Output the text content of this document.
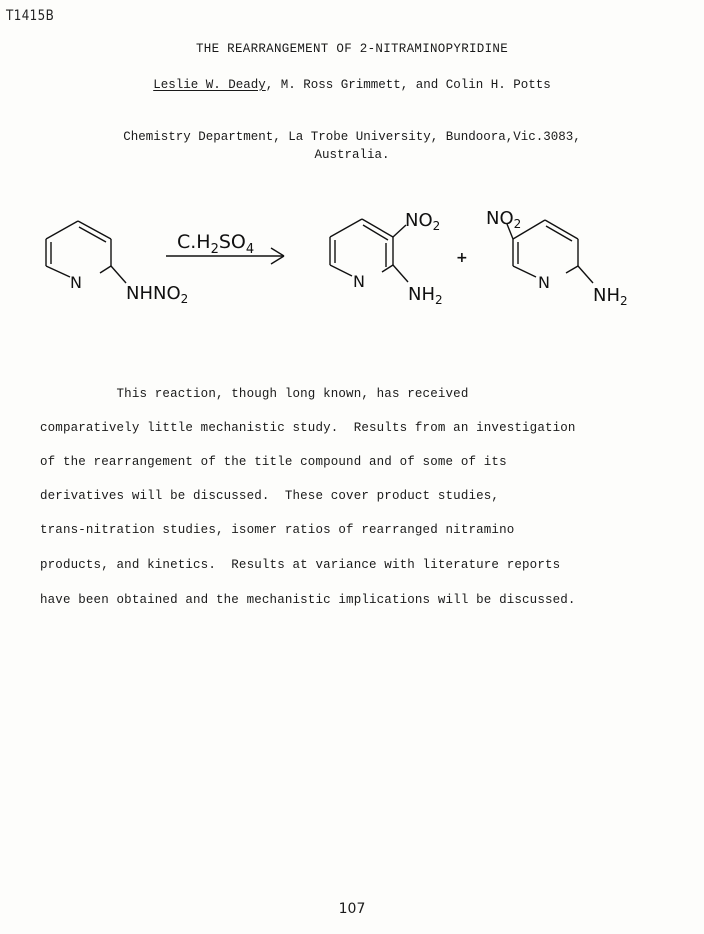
T1415B
THE REARRANGEMENT OF 2-NITRAMINOPYRIDINE
Leslie W. Deady, M. Ross Grimmett, and Colin H. Potts
Chemistry Department, La Trobe University, Bundoora,Vic.3083,
Australia.
N
$NHNO_2$
$C.H_2SO_4$
N
$NH_2$
$NO_2$
+
N
$NH_2$
$NO_2$
This reaction, though long known, has received
comparatively little mechanistic study.  Results from an investigation
of the rearrangement of the title compound and of some of its
derivatives will be discussed.  These cover product studies,
trans-nitration studies, isomer ratios of rearranged nitramino
products, and kinetics.  Results at variance with literature reports
have been obtained and the mechanistic implications will be discussed.
107
